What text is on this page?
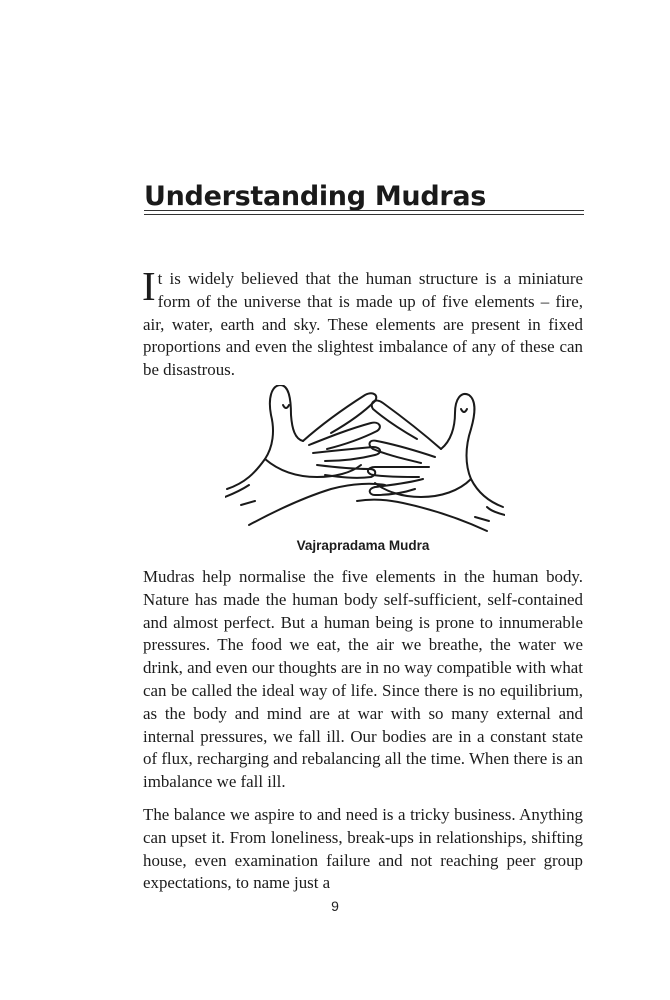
Understanding Mudras
It is widely believed that the human structure is a miniature form of the universe that is made up of five elements – fire, air, water, earth and sky. These elements are present in fixed proportions and even the slightest imbalance of any of these can be disastrous.
Vajrapradama Mudra
Mudras help normalise the five elements in the human body. Nature has made the human body self-sufficient, self-contained and almost perfect. But a human being is prone to innumerable pressures. The food we eat, the air we breathe, the water we drink, and even our thoughts are in no way compatible with what can be called the ideal way of life. Since there is no equilibrium, as the body and mind are at war with so many external and internal pressures, we fall ill. Our bodies are in a constant state of flux, recharging and rebalancing all the time. When there is an imbalance we fall ill.
The balance we aspire to and need is a tricky business. Anything can upset it. From loneliness, break-ups in relationships, shifting house, even examination failure and not reaching peer group expectations, to name just a
9
